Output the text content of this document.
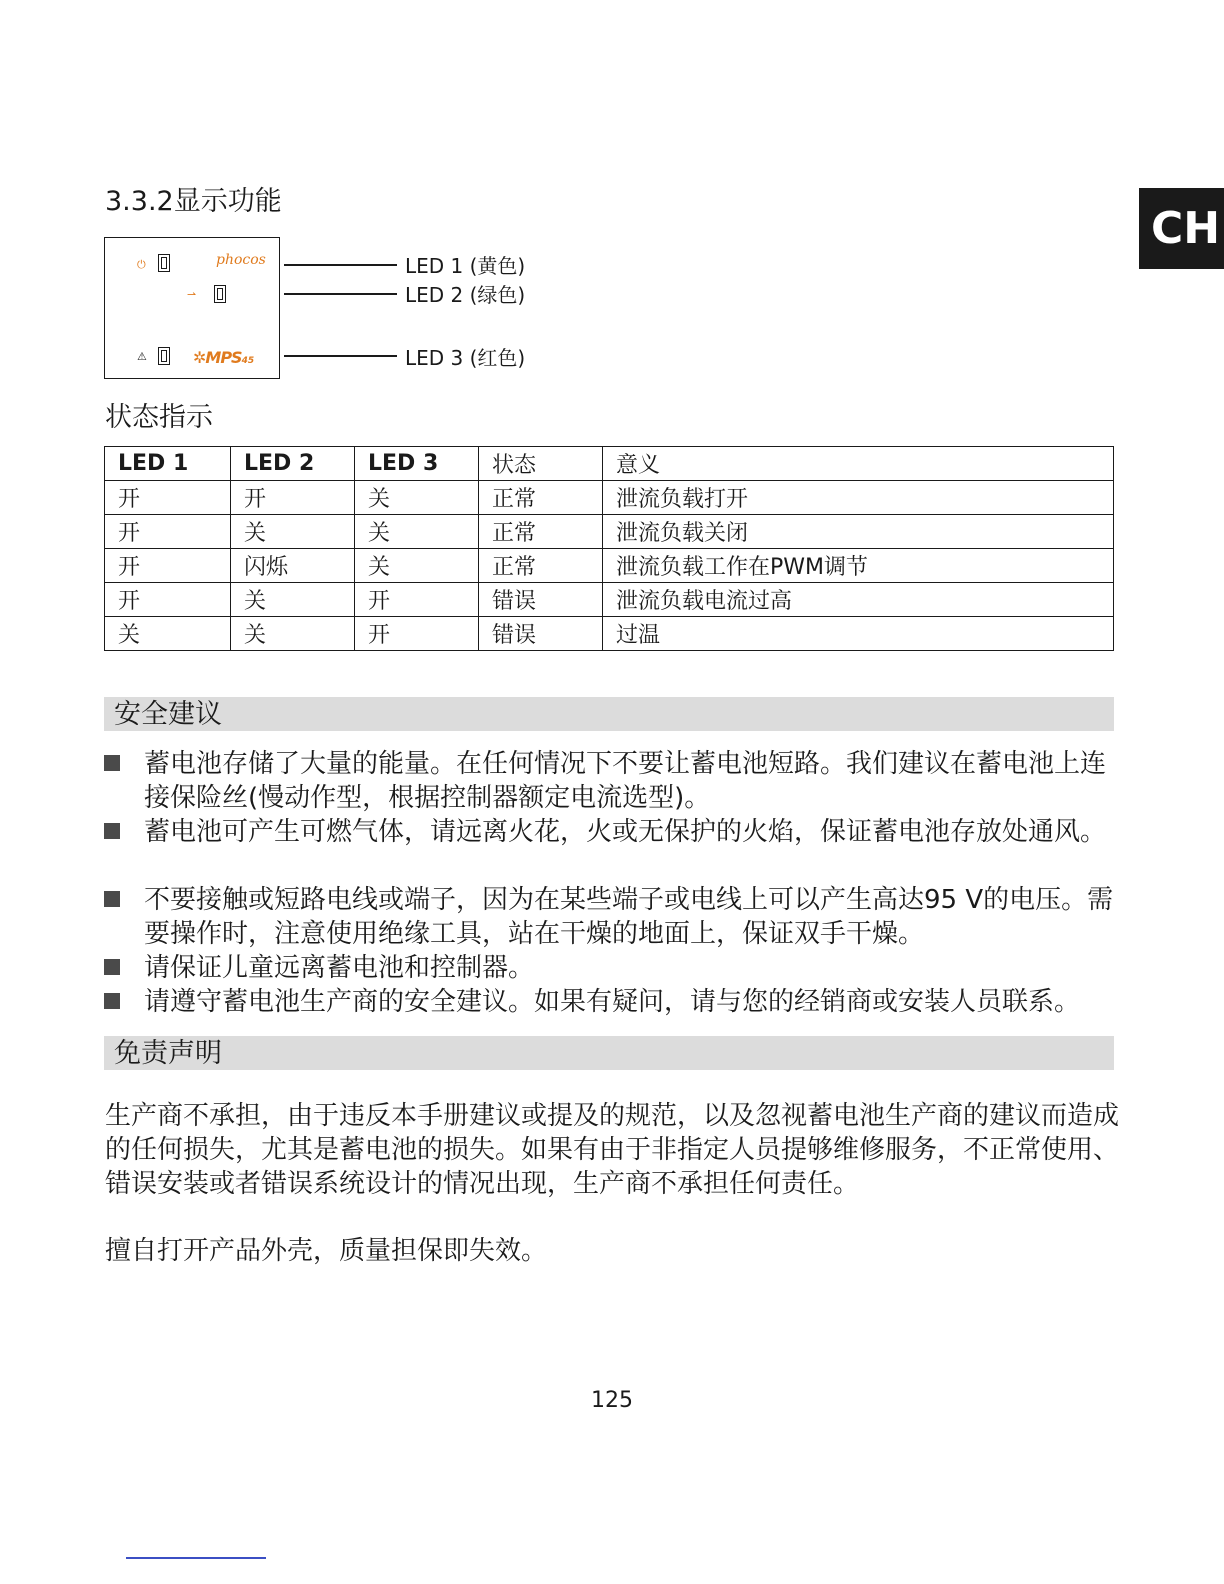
3.3.2显示功能
CH
⏻	phocos
⇀
⚠	✲MPS45
LED 1 (黄色)
LED 2 (绿色)
LED 3 (红色)
状态指示
LED 1	LED 2	LED 3	状态	意义
开	开	关	正常	泄流负载打开
开	关	关	正常	泄流负载关闭
开	闪烁	关	正常	泄流负载工作在PWM调节
开	关	开	错误	泄流负载电流过高
关	关	开	错误	过温
安全建议
蓄电池存储了大量的能量。在任何情况下不要让蓄电池短路。我们建议在蓄电池上连接保险丝(慢动作型，根据控制器额定电流选型)。
蓄电池可产生可燃气体，请远离火花，火或无保护的火焰，保证蓄电池存放处通风。
不要接触或短路电线或端子，因为在某些端子或电线上可以产生高达95 V的电压。需要操作时，注意使用绝缘工具，站在干燥的地面上，保证双手干燥。
请保证儿童远离蓄电池和控制器。
请遵守蓄电池生产商的安全建议。如果有疑问，请与您的经销商或安装人员联系。
免责声明
生产商不承担，由于违反本手册建议或提及的规范，以及忽视蓄电池生产商的建议而造成的任何损失，尤其是蓄电池的损失。如果有由于非指定人员提够维修服务，不正常使用、错误安装或者错误系统设计的情况出现，生产商不承担任何责任。
擅自打开产品外壳，质量担保即失效。
125
